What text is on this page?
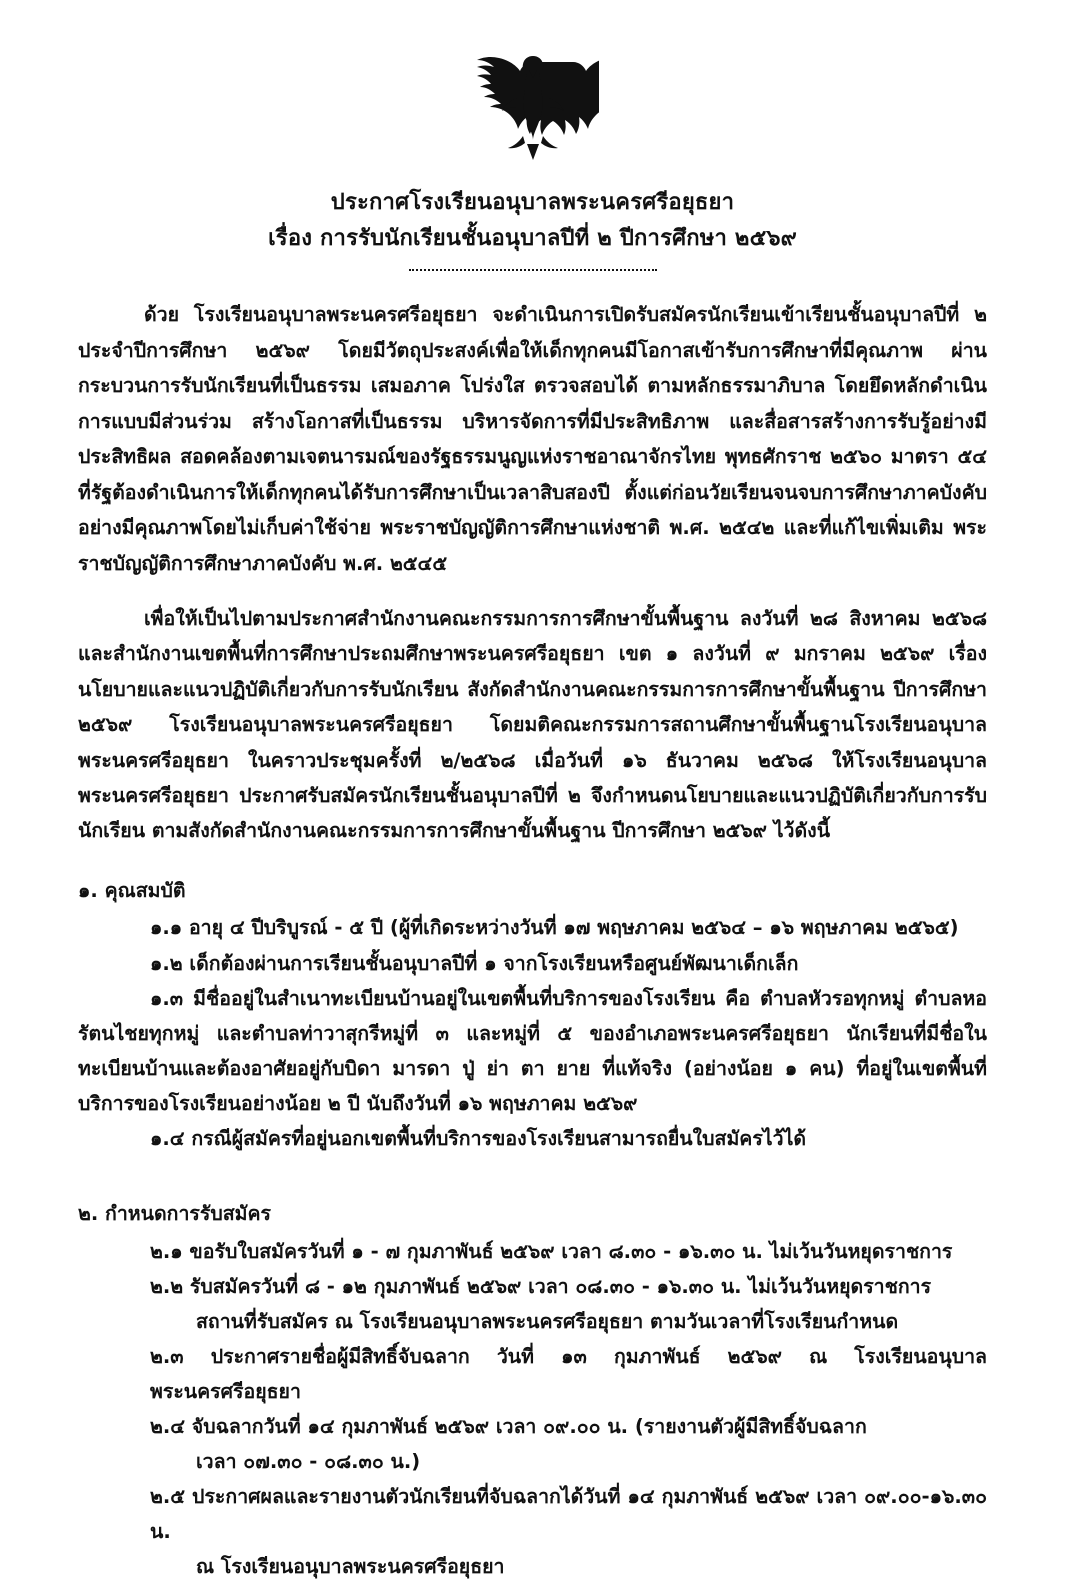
ประกาศโรงเรียนอนุบาลพระนครศรีอยุธยา
เรื่อง การรับนักเรียนชั้นอนุบาลปีที่ ๒ ปีการศึกษา ๒๕๖๙

ด้วย โรงเรียนอนุบาลพระนครศรีอยุธยา จะดำเนินการเปิดรับสมัครนักเรียนเข้าเรียนชั้นอนุบาลปีที่ ๒ ประจำปีการศึกษา ๒๕๖๙ โดยมีวัตถุประสงค์เพื่อให้เด็กทุกคนมีโอกาสเข้ารับการศึกษาที่มีคุณภาพ ผ่านกระบวนการรับนักเรียนที่เป็นธรรม เสมอภาค โปร่งใส ตรวจสอบได้ ตามหลักธรรมาภิบาล โดยยึดหลักดำเนินการแบบมีส่วนร่วม สร้างโอกาสที่เป็นธรรม บริหารจัดการที่มีประสิทธิภาพ และสื่อสารสร้างการรับรู้อย่างมีประสิทธิผล สอดคล้องตามเจตนารมณ์ของรัฐธรรมนูญแห่งราชอาณาจักรไทย พุทธศักราช ๒๕๖๐ มาตรา ๕๔ ที่รัฐต้องดำเนินการให้เด็กทุกคนได้รับการศึกษาเป็นเวลาสิบสองปี ตั้งแต่ก่อนวัยเรียนจนจบการศึกษาภาคบังคับอย่างมีคุณภาพโดยไม่เก็บค่าใช้จ่าย พระราชบัญญัติการศึกษาแห่งชาติ พ.ศ. ๒๕๔๒ และที่แก้ไขเพิ่มเติม พระราชบัญญัติการศึกษาภาคบังคับ พ.ศ. ๒๕๔๕

เพื่อให้เป็นไปตามประกาศสำนักงานคณะกรรมการการศึกษาขั้นพื้นฐาน ลงวันที่ ๒๘ สิงหาคม ๒๕๖๘ และสำนักงานเขตพื้นที่การศึกษาประถมศึกษาพระนครศรีอยุธยา เขต ๑ ลงวันที่ ๙ มกราคม ๒๕๖๙ เรื่อง นโยบายและแนวปฏิบัติเกี่ยวกับการรับนักเรียน สังกัดสำนักงานคณะกรรมการการศึกษาขั้นพื้นฐาน ปีการศึกษา ๒๕๖๙ โรงเรียนอนุบาลพระนครศรีอยุธยา โดยมติคณะกรรมการสถานศึกษาขั้นพื้นฐานโรงเรียนอนุบาลพระนครศรีอยุธยา ในคราวประชุมครั้งที่ ๒/๒๕๖๘ เมื่อวันที่ ๑๖ ธันวาคม ๒๕๖๘ ให้โรงเรียนอนุบาลพระนครศรีอยุธยา ประกาศรับสมัครนักเรียนชั้นอนุบาลปีที่ ๒ จึงกำหนดนโยบายและแนวปฏิบัติเกี่ยวกับการรับนักเรียน ตามสังกัดสำนักงานคณะกรรมการการศึกษาขั้นพื้นฐาน ปีการศึกษา ๒๕๖๙ ไว้ดังนี้

๑. คุณสมบัติ
๑.๑ อายุ ๔ ปีบริบูรณ์ - ๕ ปี (ผู้ที่เกิดระหว่างวันที่ ๑๗ พฤษภาคม ๒๕๖๔ – ๑๖ พฤษภาคม ๒๕๖๕)
๑.๒ เด็กต้องผ่านการเรียนชั้นอนุบาลปีที่ ๑ จากโรงเรียนหรือศูนย์พัฒนาเด็กเล็ก
๑.๓ มีชื่ออยู่ในสำเนาทะเบียนบ้านอยู่ในเขตพื้นที่บริการของโรงเรียน คือ ตำบลหัวรอทุกหมู่ ตำบลหอรัตนไชยทุกหมู่ และตำบลท่าวาสุกรีหมู่ที่ ๓ และหมู่ที่ ๕ ของอำเภอพระนครศรีอยุธยา นักเรียนที่มีชื่อในทะเบียนบ้านและต้องอาศัยอยู่กับบิดา มารดา ปู่ ย่า ตา ยาย ที่แท้จริง (อย่างน้อย ๑ คน) ที่อยู่ในเขตพื้นที่บริการของโรงเรียนอย่างน้อย ๒ ปี นับถึงวันที่ ๑๖ พฤษภาคม ๒๕๖๙
๑.๔ กรณีผู้สมัครที่อยู่นอกเขตพื้นที่บริการของโรงเรียนสามารถยื่นใบสมัครไว้ได้
๒. กำหนดการรับสมัคร
๒.๑ ขอรับใบสมัครวันที่ ๑ - ๗ กุมภาพันธ์ ๒๕๖๙ เวลา ๘.๓๐ - ๑๖.๓๐ น. ไม่เว้นวันหยุดราชการ
๒.๒ รับสมัครวันที่ ๘ - ๑๒ กุมภาพันธ์ ๒๕๖๙ เวลา ๐๘.๓๐ - ๑๖.๓๐ น. ไม่เว้นวันหยุดราชการ
สถานที่รับสมัคร ณ โรงเรียนอนุบาลพระนครศรีอยุธยา ตามวันเวลาที่โรงเรียนกำหนด
๒.๓ ประกาศรายชื่อผู้มีสิทธิ์จับฉลาก วันที่ ๑๓ กุมภาพันธ์ ๒๕๖๙ ณ โรงเรียนอนุบาลพระนครศรีอยุธยา
๒.๔ จับฉลากวันที่ ๑๔ กุมภาพันธ์ ๒๕๖๙ เวลา ๐๙.๐๐ น. (รายงานตัวผู้มีสิทธิ์จับฉลาก
เวลา ๐๗.๓๐ - ๐๘.๓๐ น.)
๒.๕ ประกาศผลและรายงานตัวนักเรียนที่จับฉลากได้วันที่ ๑๔ กุมภาพันธ์ ๒๕๖๙ เวลา ๐๙.๐๐-๑๖.๓๐ น.
ณ โรงเรียนอนุบาลพระนครศรีอยุธยา
